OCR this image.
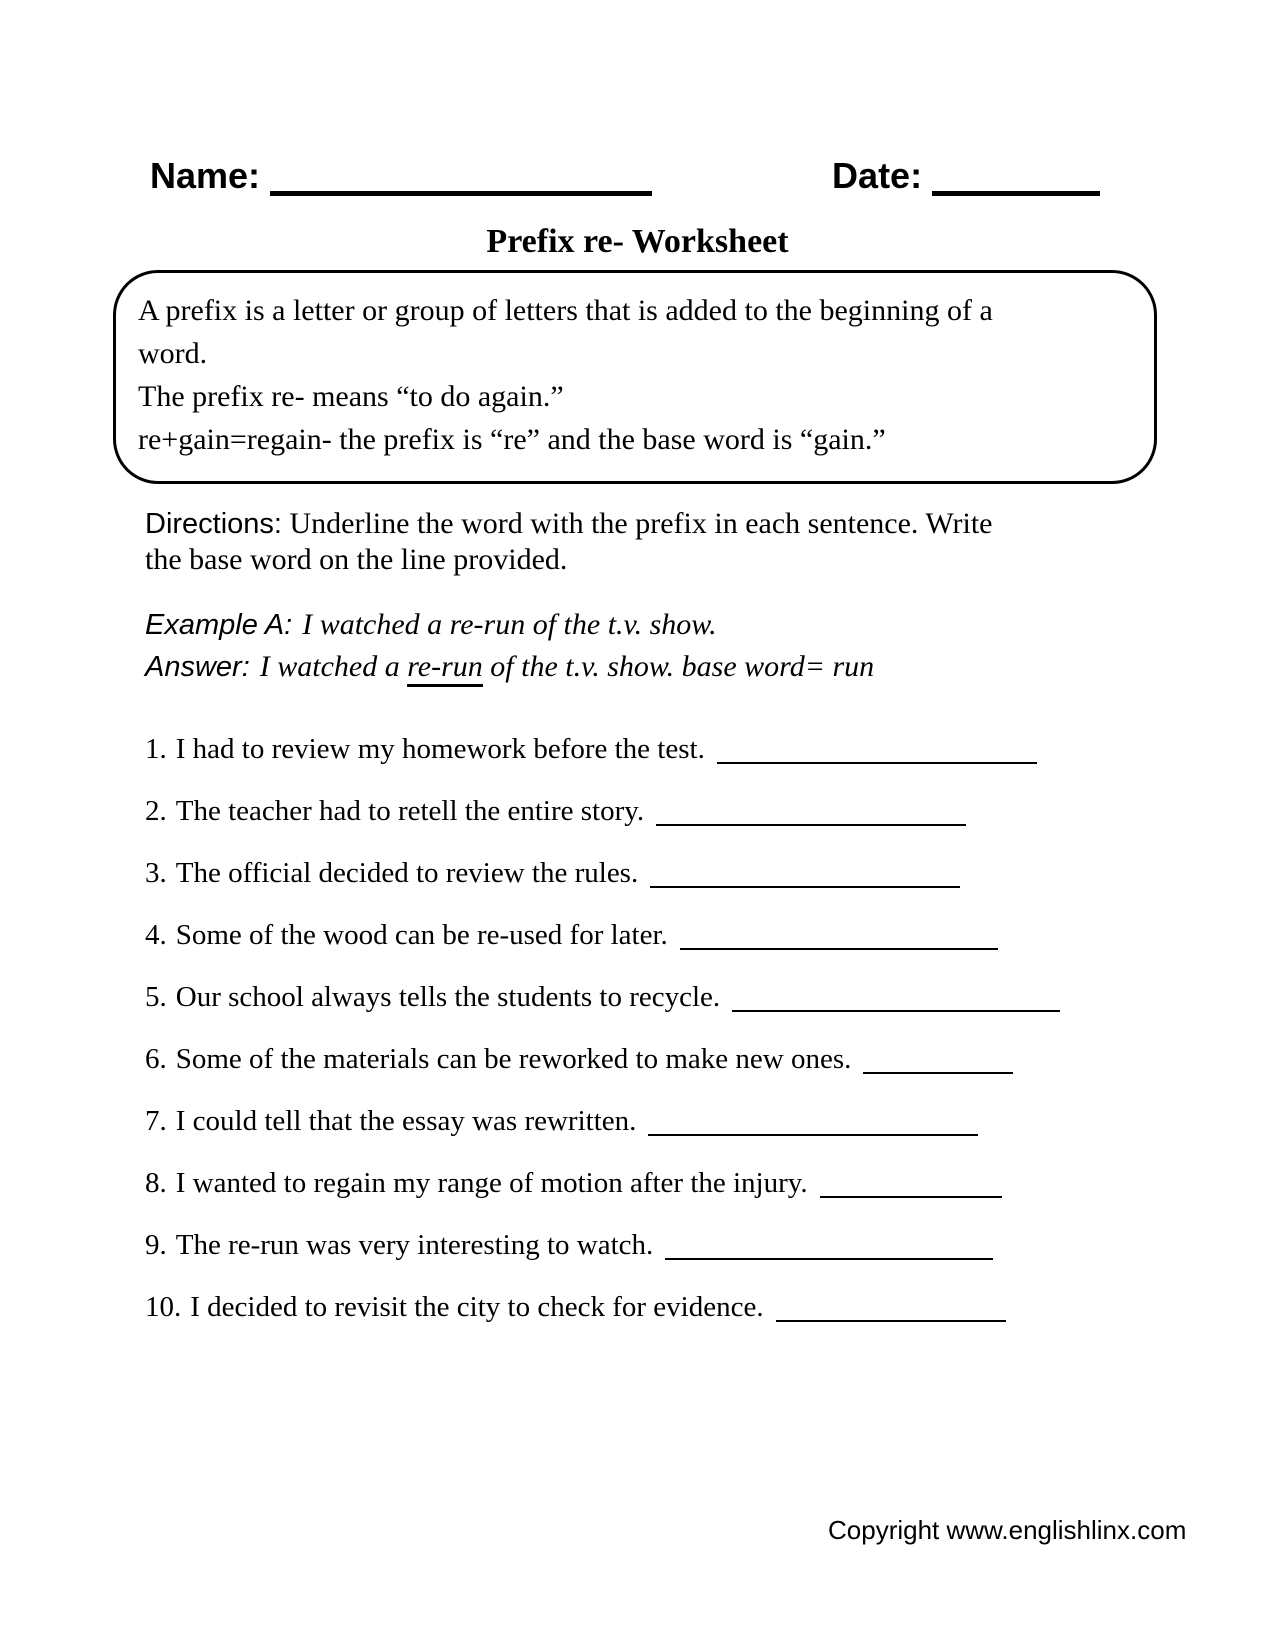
Name:	Date:
Prefix re- Worksheet
A prefix is a letter or group of letters that is added to the beginning of a
word.
The prefix re- means “to do again.”
re+gain=regain- the prefix is “re” and the base word is “gain.”
Directions: Underline the word with the prefix in each sentence. Write
the base word on the line provided.
Example A: I watched a re-run of the t.v. show.
Answer: I watched a re-run of the t.v. show. base word= run
1. I had to review my homework before the test.
2. The teacher had to retell the entire story.
3. The official decided to review the rules.
4. Some of the wood can be re-used for later.
5. Our school always tells the students to recycle.
6. Some of the materials can be reworked to make new ones.
7. I could tell that the essay was rewritten.
8. I wanted to regain my range of motion after the injury.
9. The re-run was very interesting to watch.
10. I decided to revisit the city to check for evidence.
Copyright www.englishlinx.com
